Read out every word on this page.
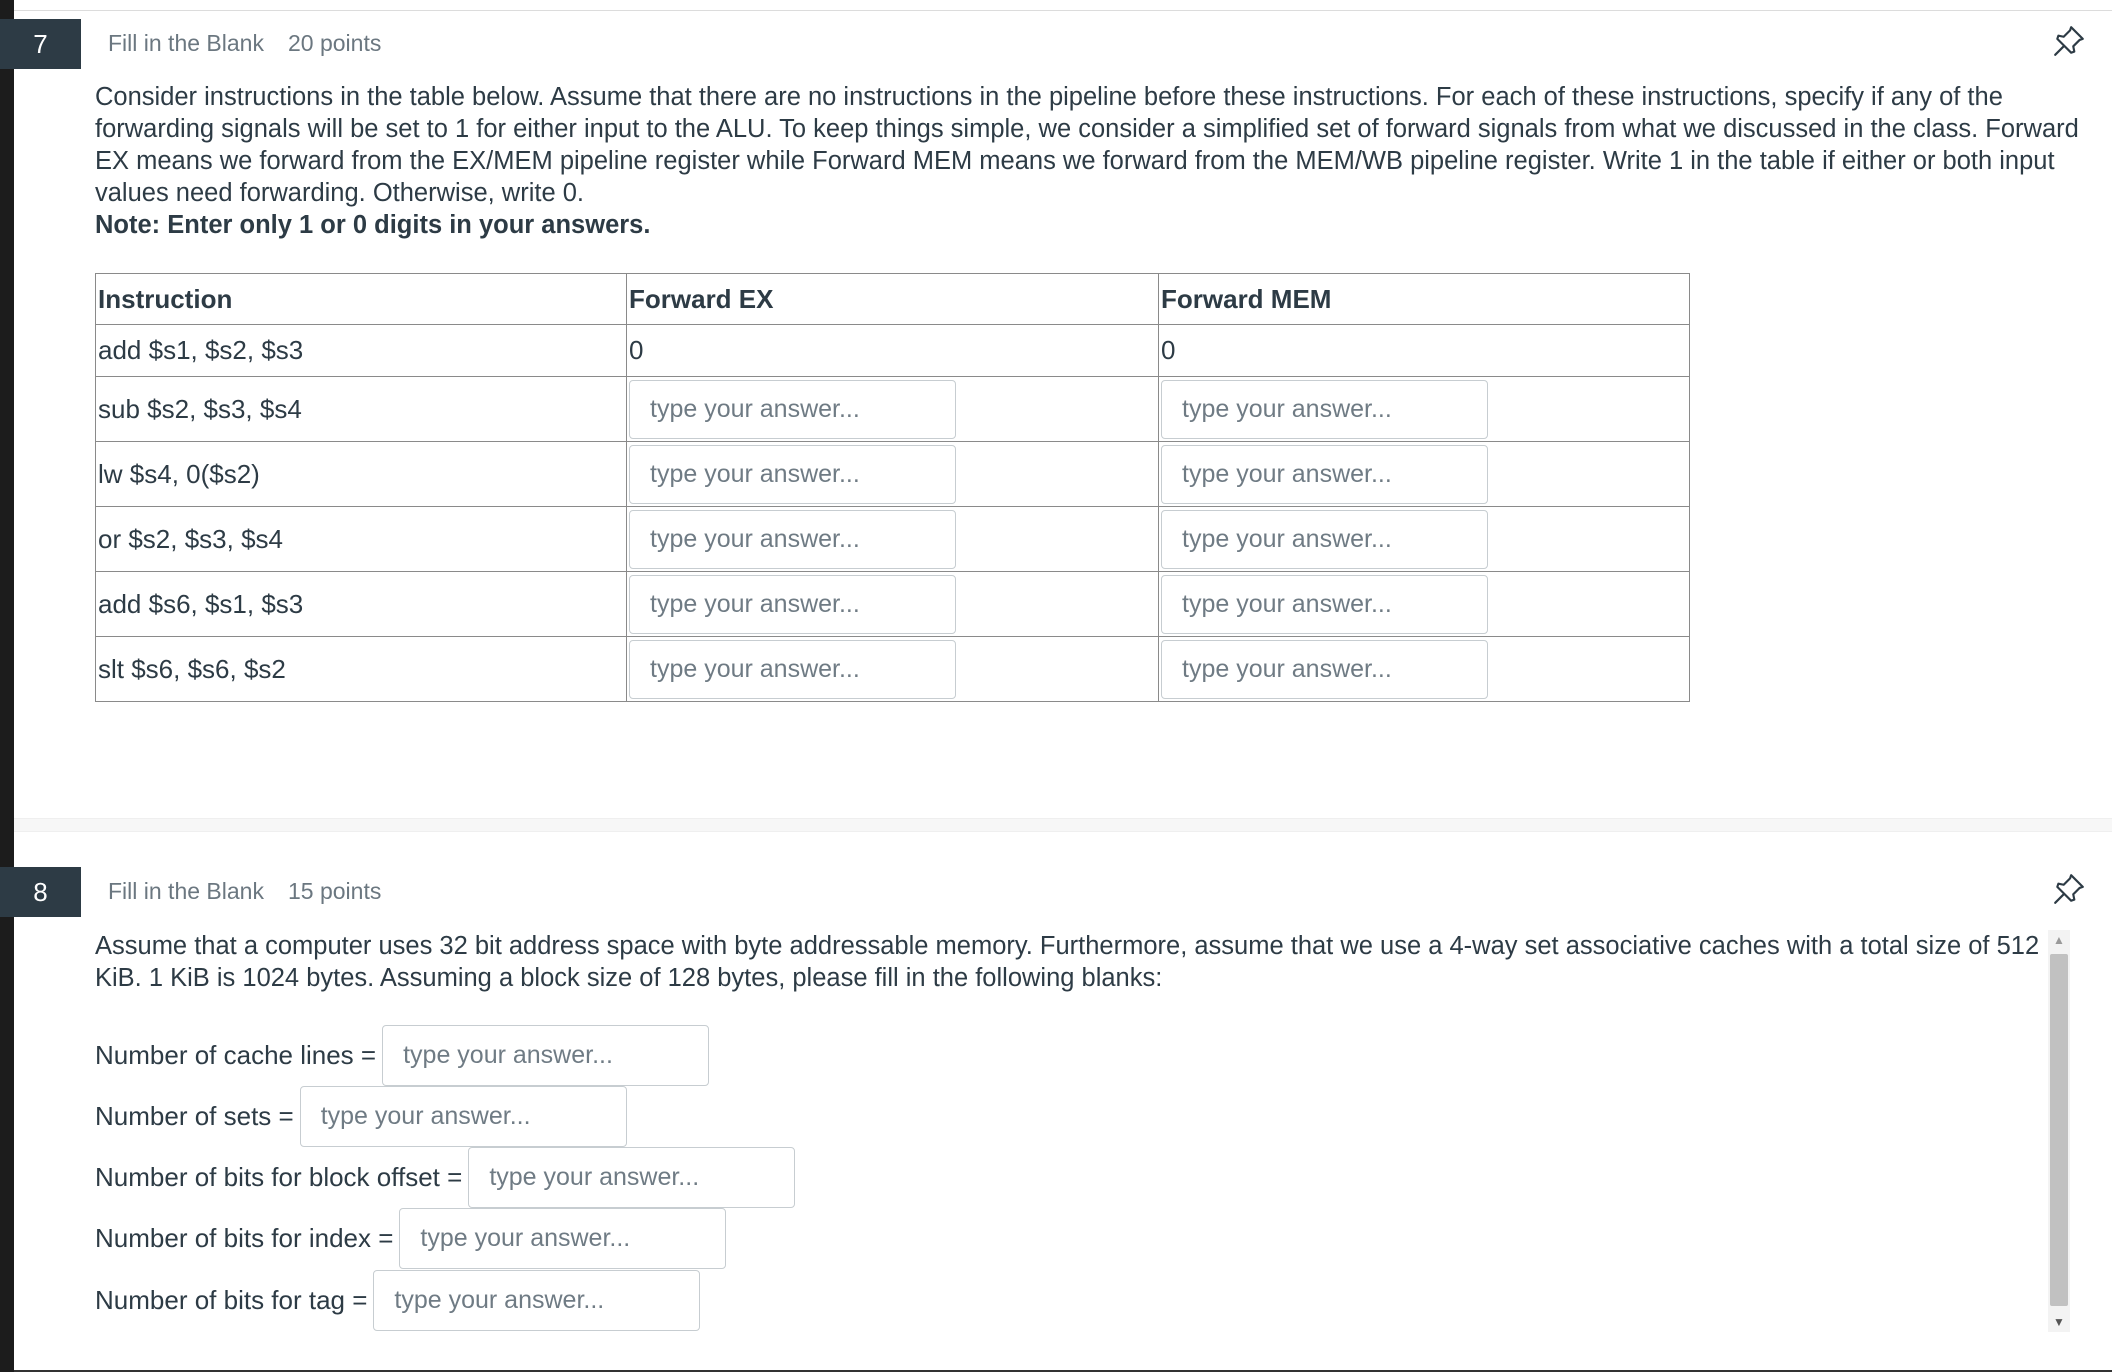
7	Fill in the Blank 20 points

Consider instructions in the table below. Assume that there are no instructions in the pipeline before these instructions. For each of these instructions, specify if any of the forwarding signals will be set to 1 for either input to the ALU. To keep things simple, we consider a simplified set of forward signals from what we discussed in the class. Forward EX means we forward from the EX/MEM pipeline register while Forward MEM means we forward from the MEM/WB pipeline register. Write 1 in the table if either or both input values need forwarding. Otherwise, write 0.

Note: Enter only 1 or 0 digits in your answers.

Instruction	Forward EX	Forward MEM
add $s1, $s2, $s3	0	0
sub $s2, $s3, $s4	type your answer...	type your answer...
lw $s4, 0($s2)	type your answer...	type your answer...
or $s2, $s3, $s4	type your answer...	type your answer...
add $s6, $s1, $s3	type your answer...	type your answer...
slt $s6, $s6, $s2	type your answer...	type your answer...
8	Fill in the Blank 15 points

Assume that a computer uses 32 bit address space with byte addressable memory. Furthermore, assume that we use a 4-way set associative caches with a total size of 512 KiB. 1 KiB is 1024 bytes. Assuming a block size of 128 bytes, please fill in the following blanks:

Number of cache lines =
type your answer...
Number of sets =
type your answer...
Number of bits for block offset =
type your answer...
Number of bits for index =
type your answer...
Number of bits for tag =
type your answer...
▲
▼
